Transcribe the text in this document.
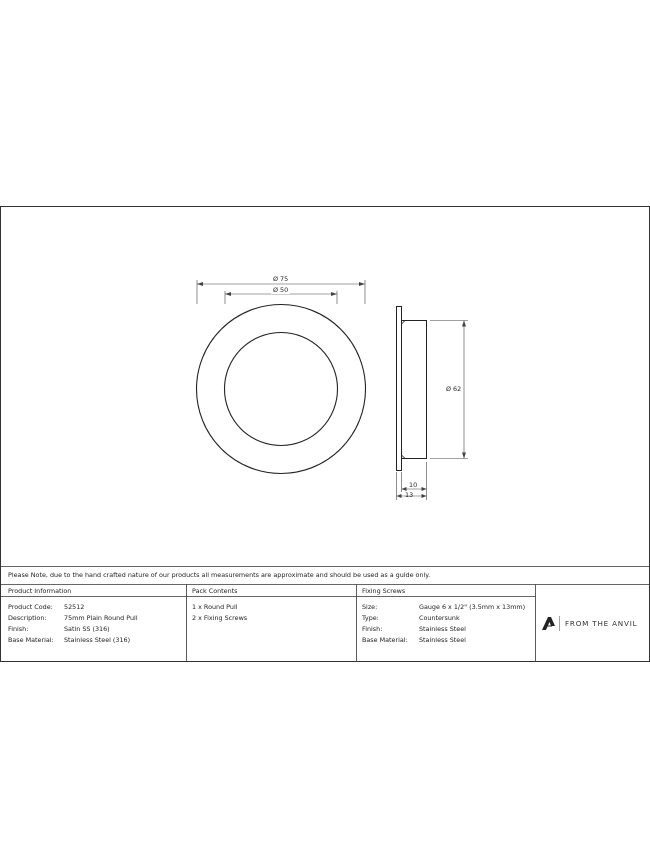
Ø 75
Ø 50
Ø 62
10
13
Please Note, due to the hand crafted nature of our products all measurements are approximate and should be used as a guide only.
Product Information
Product Code: 52512
Description:	75mm Plain Round Pull
Finish:	Satin SS (316)
Base Material: Stainless Steel (316)
Pack Contents
1 x Round Pull
2 x Fixing Screws
Fixing Screws
Size:	Gauge 6 x 1/2" (3.5mm x 13mm)
Type:	Countersunk
Finish:	Stainless Steel
Base Material: Stainless Steel
FROM THE ANVIL
